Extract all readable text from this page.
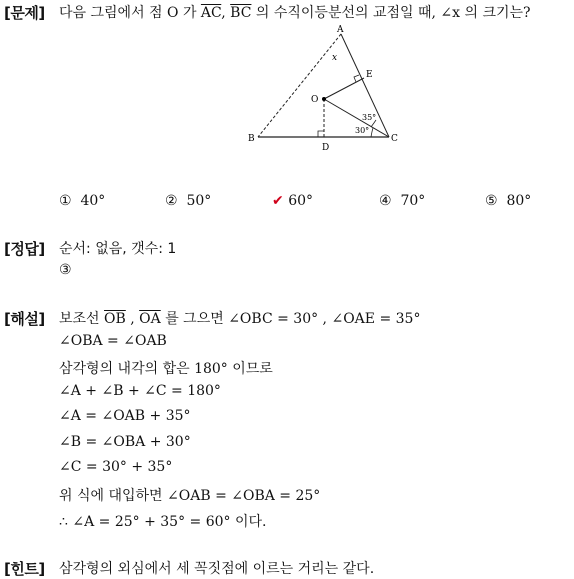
[문제] 다음 그림에서 점 O 가 $\overline{AC}$, $\overline{BC}$ 의 수직이등분선의 교점일 때, ∠x 의 크기는?
A
B	C
D
E
O
x
35°
30°
① 40°	② 50°	✔ 60°	④ 70°	⑤ 80°
[정답] 순서: 없음, 갯수: 1
③
[해설] 보조선 $\overline{OB}$ , $\overline{OA}$ 를 그으면 ∠OBC = 30° , ∠OAE = 35°
∠OBA = ∠OAB
삼각형의 내각의 합은 180° 이므로
∠A + ∠B + ∠C = 180°
∠A = ∠OAB + 35°
∠B = ∠OBA + 30°
∠C = 30° + 35°
위 식에 대입하면 ∠OAB = ∠OBA = 25°
∴ ∠A = 25° + 35° = 60° 이다.
[힌트] 삼각형의 외심에서 세 꼭짓점에 이르는 거리는 같다.
